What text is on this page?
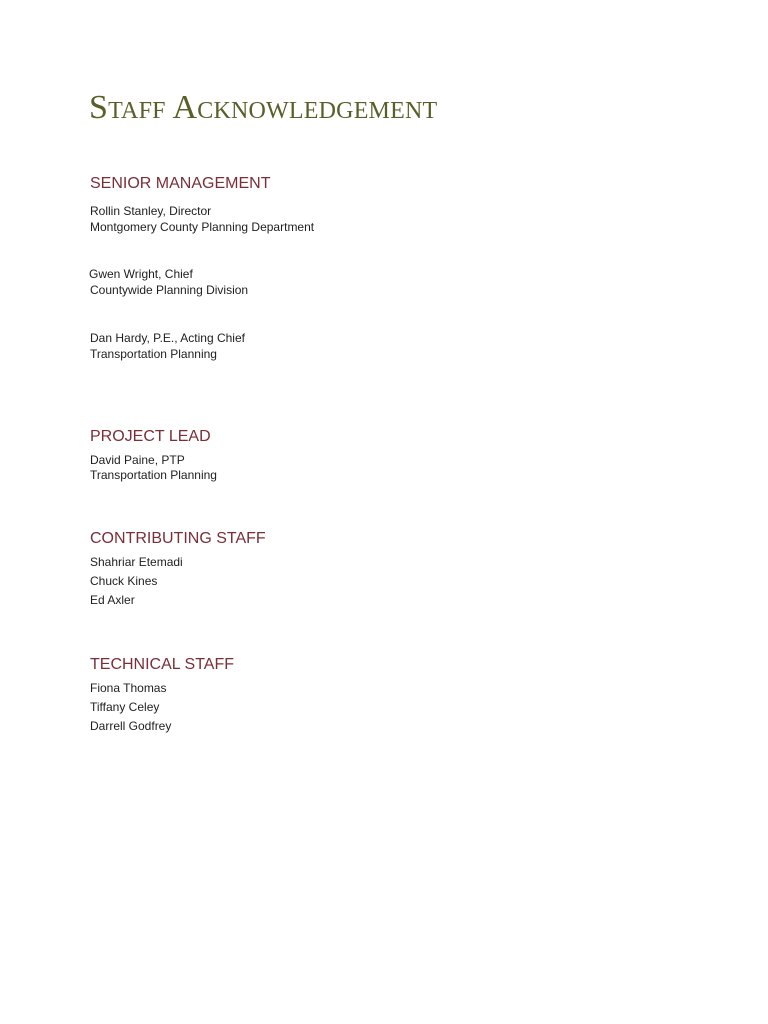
Staff Acknowledgement
SENIOR MANAGEMENT
Rollin Stanley, Director
Montgomery County Planning Department
Gwen Wright, Chief
Countywide Planning Division
Dan Hardy, P.E., Acting Chief
Transportation Planning
PROJECT LEAD
David Paine, PTP
Transportation Planning
CONTRIBUTING STAFF
Shahriar Etemadi
Chuck Kines
Ed Axler
TECHNICAL STAFF
Fiona Thomas
Tiffany Celey
Darrell Godfrey
